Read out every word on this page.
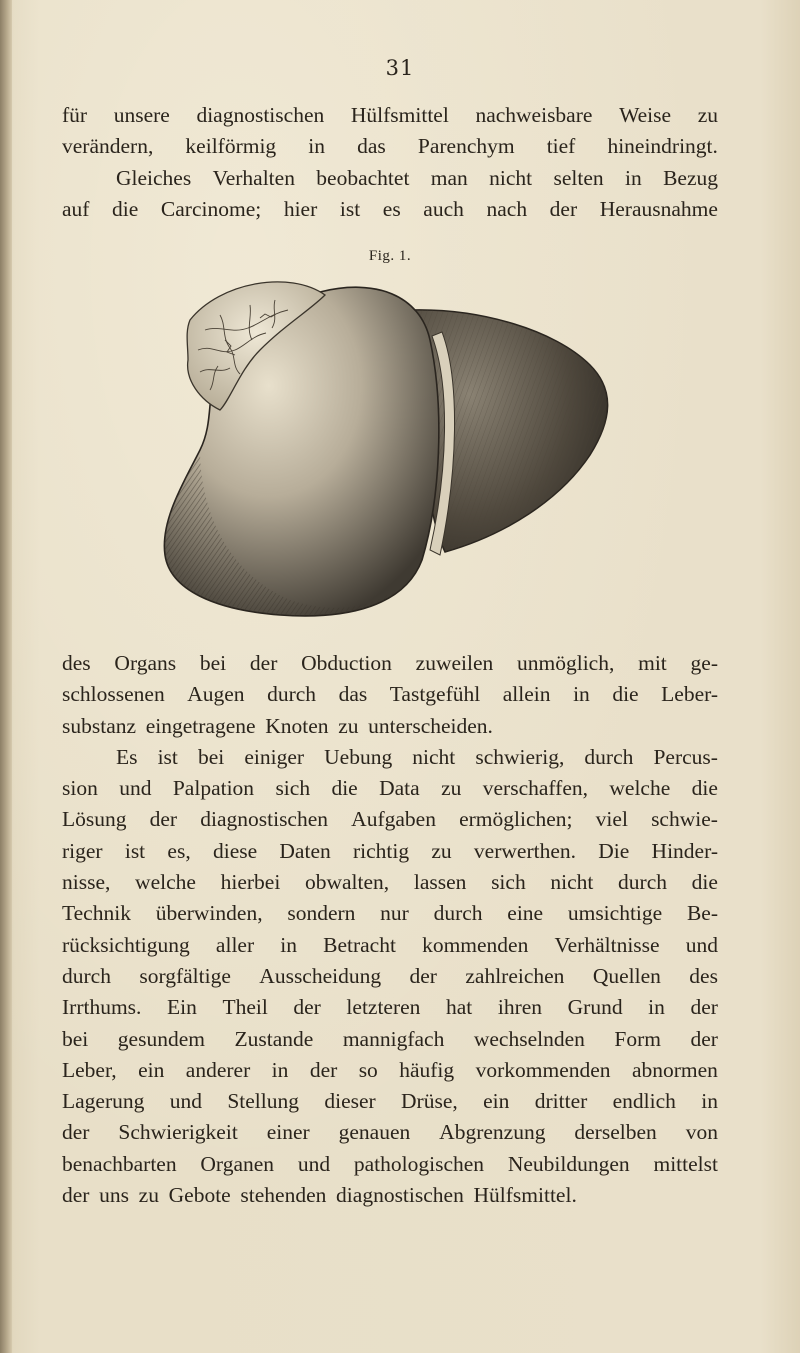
31
für unsere diagnostischen Hülfsmittel nachweisbare Weise zu
verändern, keilförmig in das Parenchym tief hineindringt.
Gleiches Verhalten beobachtet man nicht selten in Bezug
auf die Carcinome; hier ist es auch nach der Herausnahme
Fig. 1.
des Organs bei der Obduction zuweilen unmöglich, mit ge-
schlossenen Augen durch das Tastgefühl allein in die Leber-
substanz eingetragene Knoten zu unterscheiden.
Es ist bei einiger Uebung nicht schwierig, durch Percus-
sion und Palpation sich die Data zu verschaffen, welche die
Lösung der diagnostischen Aufgaben ermöglichen; viel schwie-
riger ist es, diese Daten richtig zu verwerthen. Die Hinder-
nisse, welche hierbei obwalten, lassen sich nicht durch die
Technik überwinden, sondern nur durch eine umsichtige Be-
rücksichtigung aller in Betracht kommenden Verhältnisse und
durch sorgfältige Ausscheidung der zahlreichen Quellen des
Irrthums. Ein Theil der letzteren hat ihren Grund in der
bei gesundem Zustande mannigfach wechselnden Form der
Leber, ein anderer in der so häufig vorkommenden abnormen
Lagerung und Stellung dieser Drüse, ein dritter endlich in
der Schwierigkeit einer genauen Abgrenzung derselben von
benachbarten Organen und pathologischen Neubildungen mittelst
der uns zu Gebote stehenden diagnostischen Hülfsmittel.
